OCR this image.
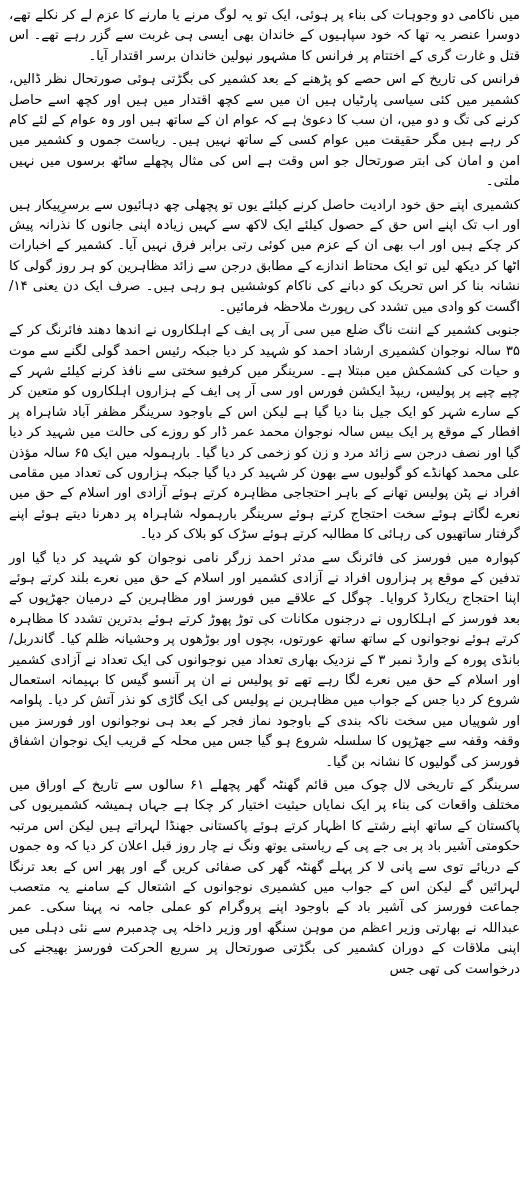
میں ناکامی دو وجوہات کی بناء پر ہوئی، ایک تو یہ لوگ مرنے یا مارنے کا عزم لے کر نکلے تھے، دوسرا عنصر یہ تھا کہ خود سپاہیوں کے خاندان بھی ایسی ہی غربت سے گزر رہے تھے۔ اس قتل و غارت گری کے اختتام پر فرانس کا مشہور نپولین خاندان برسر اقتدار آیا۔

فرانس کی تاریخ کے اس حصے کو پڑھنے کے بعد کشمیر کی بگڑتی ہوئی صورتحال نظر ڈالیں، کشمیر میں کئی سیاسی پارٹیاں ہیں ان میں سے کچھ اقتدار میں ہیں اور کچھ اسے حاصل کرنے کی تگ و دو میں، ان سب کا دعویٰ ہے کہ عوام ان کے ساتھ ہیں اور وہ عوام کے لئے کام کر رہے ہیں مگر حقیقت میں عوام کسی کے ساتھ نہیں ہیں۔ ریاست جموں و کشمیر میں امن و امان کی ابتر صورتحال جو اس وقت ہے اس کی مثال پچھلے ساٹھ برسوں میں نہیں ملتی۔

کشمیری اپنے حق خود ارادیت حاصل کرنے کیلئے یوں تو پچھلی چھ دہائیوں سے برسرِپیکار ہیں اور اب تک اپنے اس حق کے حصول کیلئے ایک لاکھ سے کہیں زیادہ اپنی جانوں کا نذرانہ پیش کر چکے ہیں اور اب بھی ان کے عزم میں کوئی رتی برابر فرق نہیں آیا۔ کشمیر کے اخبارات اٹھا کر دیکھ لیں تو ایک محتاط اندازے کے مطابق درجن سے زائد مظاہرین کو ہر روز گولی کا نشانہ بنا کر اس تحریک کو دبانے کی ناکام کوششیں ہو رہی ہیں۔ صرف ایک دن یعنی ۱۴/ اگست کو وادی میں تشدد کی رپورٹ ملاحظہ فرمائیں۔

جنوبی کشمیر کے اننت ناگ ضلع میں سی آر پی ایف کے اہلکاروں نے اندھا دھند فائرنگ کر کے ۳۵ سالہ نوجوان کشمیری ارشاد احمد کو شہید کر دیا جبکہ رئیس احمد گولی لگنے سے موت و حیات کی کشمکش میں مبتلا ہے۔ سرینگر میں کرفیو سختی سے نافذ کرنے کیلئے شہر کے چپے چپے پر پولیس، ریپڈ ایکشن فورس اور سی آر پی ایف کے ہزاروں اہلکاروں کو متعین کر کے سارے شہر کو ایک جیل بنا دیا گیا ہے لیکن اس کے باوجود سرینگر مظفر آباد شاہراہ پر افطار کے موقع پر ایک بیس سالہ نوجوان محمد عمر ڈار کو روزے کی حالت میں شہید کر دیا گیا اور نصف درجن سے زائد مرد و زن کو زخمی کر دیا گیا۔ بارہمولہ میں ایک ۶۵ سالہ مؤذن علی محمد کھانڈے کو گولیوں سے بھون کر شہید کر دیا گیا جبکہ ہزاروں کی تعداد میں مقامی افراد نے پٹن پولیس تھانے کے باہر احتجاجی مظاہرہ کرتے ہوئے آزادی اور اسلام کے حق میں نعرے لگاتے ہوئے سخت احتجاج کرتے ہوئے سرینگر بارہمولہ شاہراہ پر دھرنا دیتے ہوئے اپنے گرفتار ساتھیوں کی رہائی کا مطالبہ کرتے ہوئے سڑک کو بلاک کر دیا۔

کپوارہ میں فورسز کی فائرنگ سے مدثر احمد زرگر نامی نوجوان کو شہید کر دیا گیا اور تدفین کے موقع پر ہزاروں افراد نے آزادی کشمیر اور اسلام کے حق میں نعرے بلند کرتے ہوئے اپنا احتجاج ریکارڈ کروایا۔ چوگل کے علاقے میں فورسز اور مظاہرین کے درمیان جھڑپوں کے بعد فورسز کے اہلکاروں نے درجنوں مکانات کی توڑ پھوڑ کرتے ہوئے بدترین تشدد کا مظاہرہ کرتے ہوئے نوجوانوں کے ساتھ ساتھ عورتوں، بچوں اور بوڑھوں پر وحشیانہ ظلم کیا۔ گاندربل/ بانڈی پورہ کے وارڈ نمبر ۳ کے نزدیک بھاری تعداد میں نوجوانوں کی ایک تعداد نے آزادی کشمیر اور اسلام کے حق میں نعرے لگا رہے تھے تو پولیس نے ان پر آنسو گیس کا بہیمانہ استعمال شروع کر دیا جس کے جواب میں مظاہرین نے پولیس کی ایک گاڑی کو نذر آتش کر دیا۔ پلوامہ اور شوپیاں میں سخت ناکہ بندی کے باوجود نماز فجر کے بعد ہی نوجوانوں اور فورسز میں وقفہ وقفہ سے جھڑپوں کا سلسلہ شروع ہو گیا جس میں محلہ کے قریب ایک نوجوان اشفاق فورسز کی گولیوں کا نشانہ بن گیا۔

سرینگر کے تاریخی لال چوک میں قائم گھنٹہ گھر پچھلے ۶۱ سالوں سے تاریخ کے اوراق میں مختلف واقعات کی بناء پر ایک نمایاں حیثیت اختیار کر چکا ہے جہاں ہمیشہ کشمیریوں کی پاکستان کے ساتھ اپنے رشتے کا اظہار کرتے ہوئے پاکستانی جھنڈا لہراتے ہیں لیکن اس مرتبہ حکومتی آشیر باد پر بی جے پی کے ریاستی یوتھ ونگ نے چار روز قبل اعلان کر دیا کہ وہ جموں کے دریائے توی سے پانی لا کر پہلے گھنٹہ گھر کی صفائی کریں گے اور پھر اس کے بعد ترنگا لہرائیں گے لیکن اس کے جواب میں کشمیری نوجوانوں کے اشتعال کے سامنے یہ متعصب جماعت فورسز کی آشیر باد کے باوجود اپنے پروگرام کو عملی جامہ نہ پہنا سکی۔ عمر عبداللہ نے بھارتی وزیر اعظم من موہن سنگھ اور وزیر داخلہ پی چدمبرم سے نئی دہلی میں اپنی ملاقات کے دوران کشمیر کی بگڑتی صورتحال پر سریع الحرکت فورسز بھیجنے کی درخواست کی تھی جس
